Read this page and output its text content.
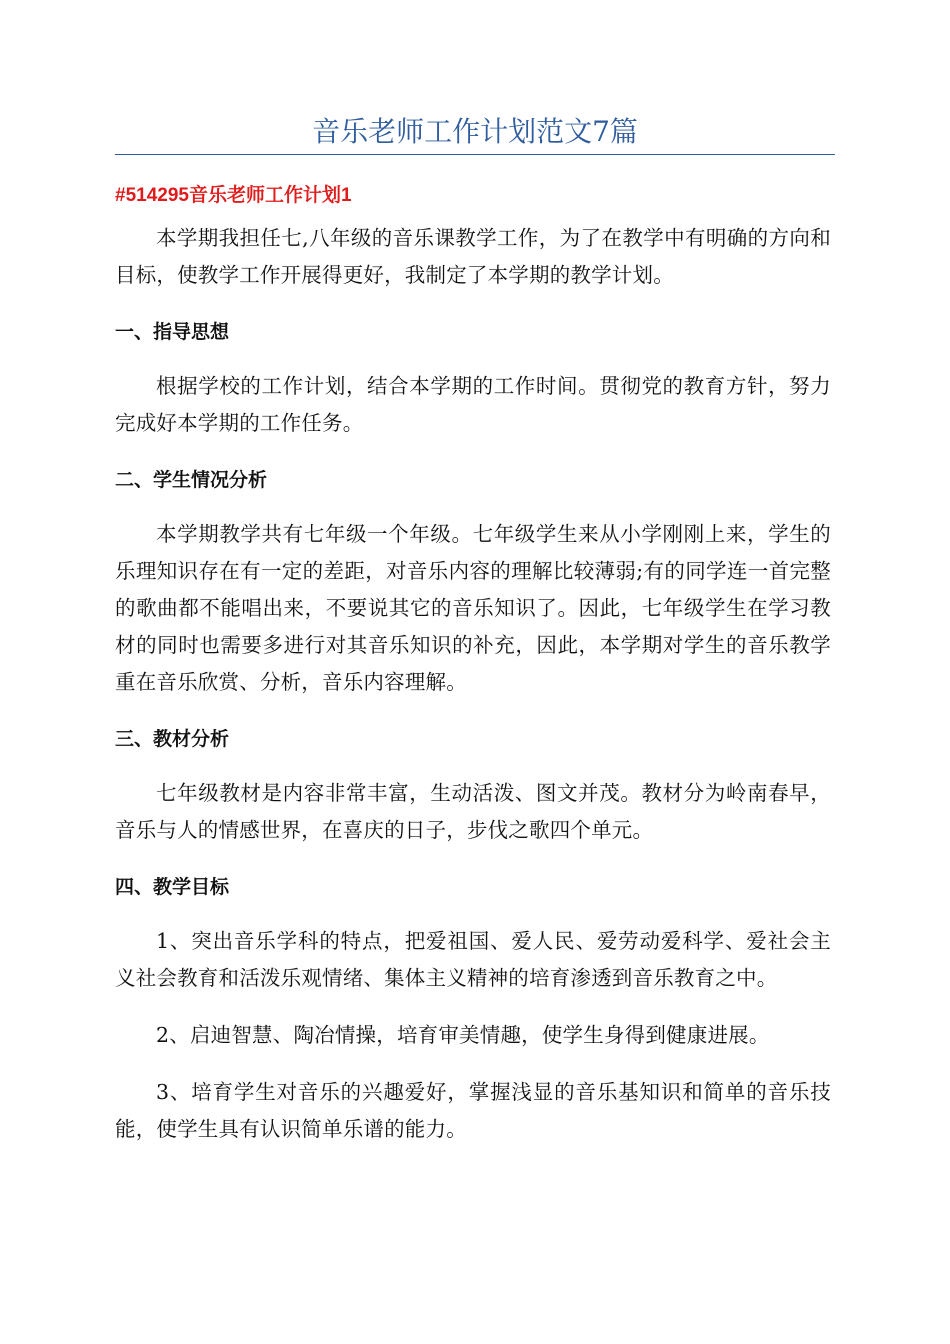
音乐老师工作计划范文7篇

#514295音乐老师工作计划1

本学期我担任七,八年级的音乐课教学工作，为了在教学中有明确的方向和目标，使教学工作开展得更好，我制定了本学期的教学计划。

一、指导思想

根据学校的工作计划，结合本学期的工作时间。贯彻党的教育方针，努力完成好本学期的工作任务。

二、学生情况分析

本学期教学共有七年级一个年级。七年级学生来从小学刚刚上来，学生的乐理知识存在有一定的差距，对音乐内容的理解比较薄弱;有的同学连一首完整的歌曲都不能唱出来，不要说其它的音乐知识了。因此，七年级学生在学习教材的同时也需要多进行对其音乐知识的补充，因此，本学期对学生的音乐教学重在音乐欣赏、分析，音乐内容理解。

三、教材分析

七年级教材是内容非常丰富，生动活泼、图文并茂。教材分为岭南春早，音乐与人的情感世界，在喜庆的日子，步伐之歌四个单元。

四、教学目标

1、突出音乐学科的特点，把爱祖国、爱人民、爱劳动爱科学、爱社会主义社会教育和活泼乐观情绪、集体主义精神的培育渗透到音乐教育之中。

2、启迪智慧、陶冶情操，培育审美情趣，使学生身得到健康进展。

3、培育学生对音乐的兴趣爱好，掌握浅显的音乐基知识和简单的音乐技能，使学生具有认识简单乐谱的能力。
